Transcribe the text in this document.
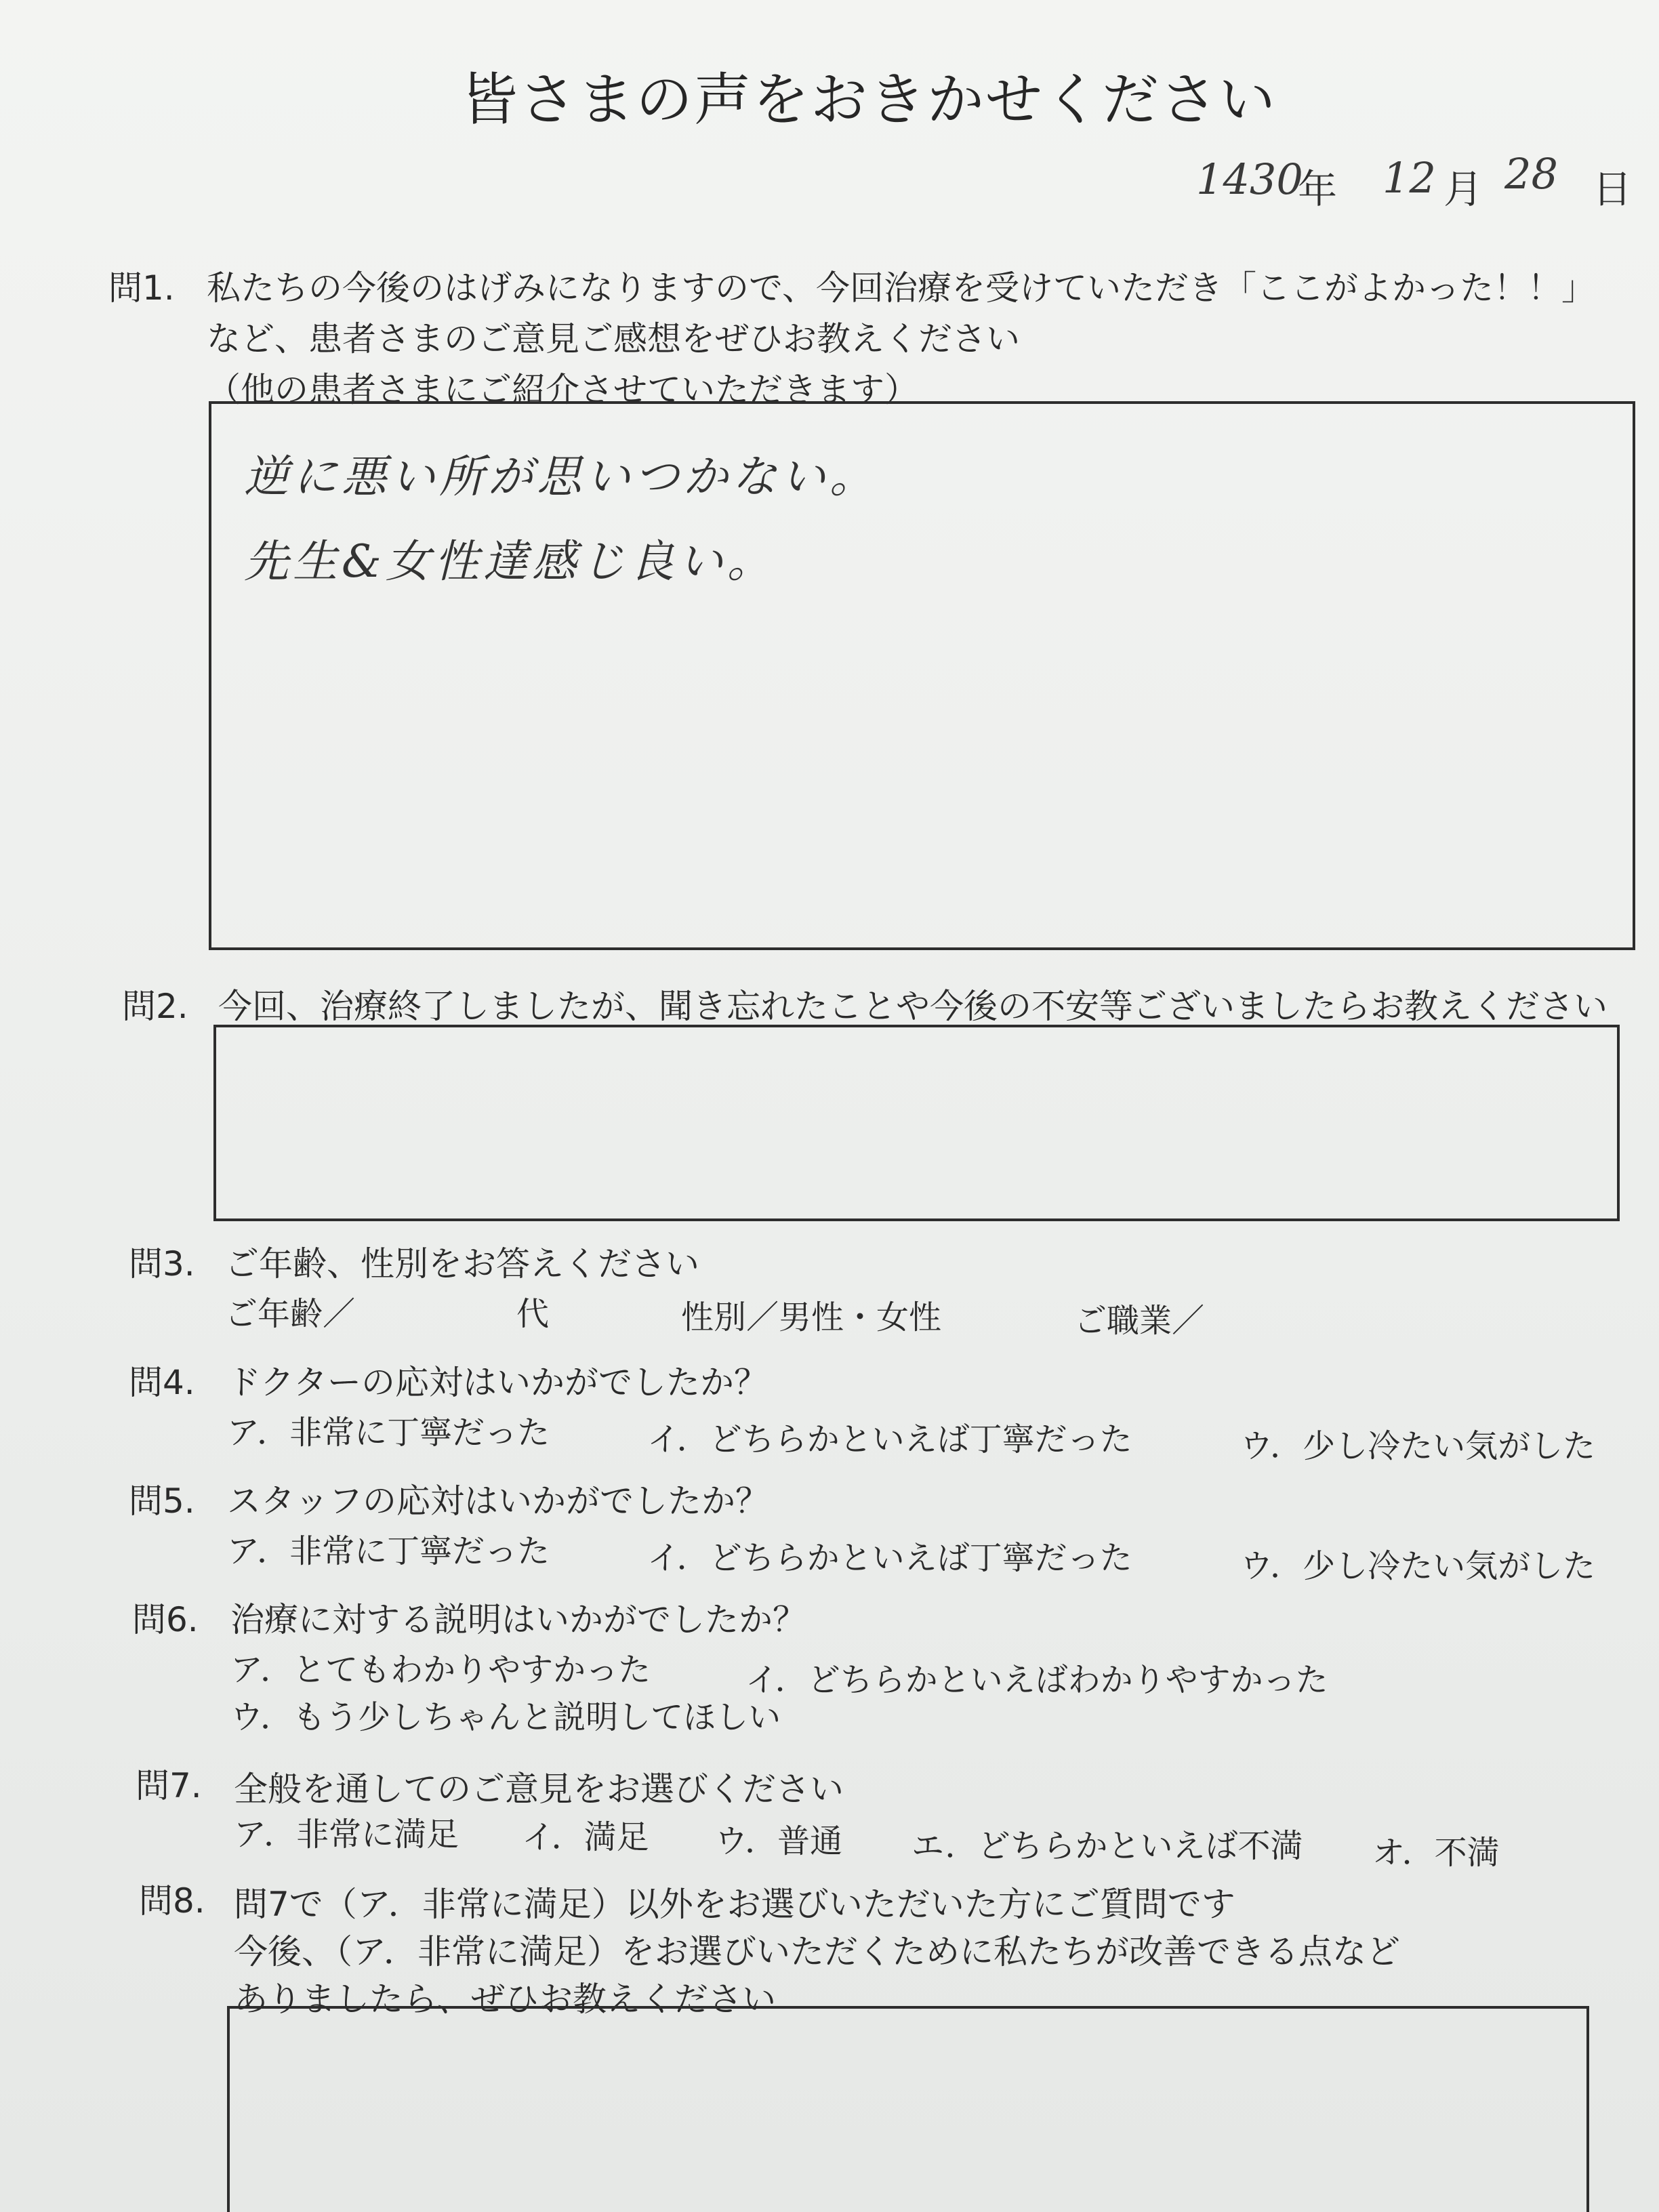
皆さまの声をおきかせください
1430
年 12 月 28 日
問1. 私たちの今後のはげみになりますので、今回治療を受けていただき「ここがよかった！！」
など、患者さまのご意見ご感想をぜひお教えください
（他の患者さまにご紹介させていただきます）
逆に悪い所が思いつかない。
先生&女性達感じ良い。
問2. 今回、治療終了しましたが、聞き忘れたことや今後の不安等ございましたらお教えください
問3. ご年齢、性別をお答えください
ご年齢／	代	性別／男性・女性	ご職業／
問4. ドクターの応対はいかがでしたか？
ア．非常に丁寧だった	イ．どちらかといえば丁寧だった	ウ．少し冷たい気がした
問5. スタッフの応対はいかがでしたか？
ア．非常に丁寧だった	イ．どちらかといえば丁寧だった	ウ．少し冷たい気がした
問6. 治療に対する説明はいかがでしたか？
ア．とてもわかりやすかった	イ．どちらかといえばわかりやすかった
ウ．もう少しちゃんと説明してほしい
問7. 全般を通してのご意見をお選びください
ア．非常に満足 イ．満足 ウ．普通 エ．どちらかといえば不満 オ．不満
問8. 問7で（ア．非常に満足）以外をお選びいただいた方にご質問です
今後、（ア．非常に満足）をお選びいただくために私たちが改善できる点など
ありましたら、ぜひお教えください
